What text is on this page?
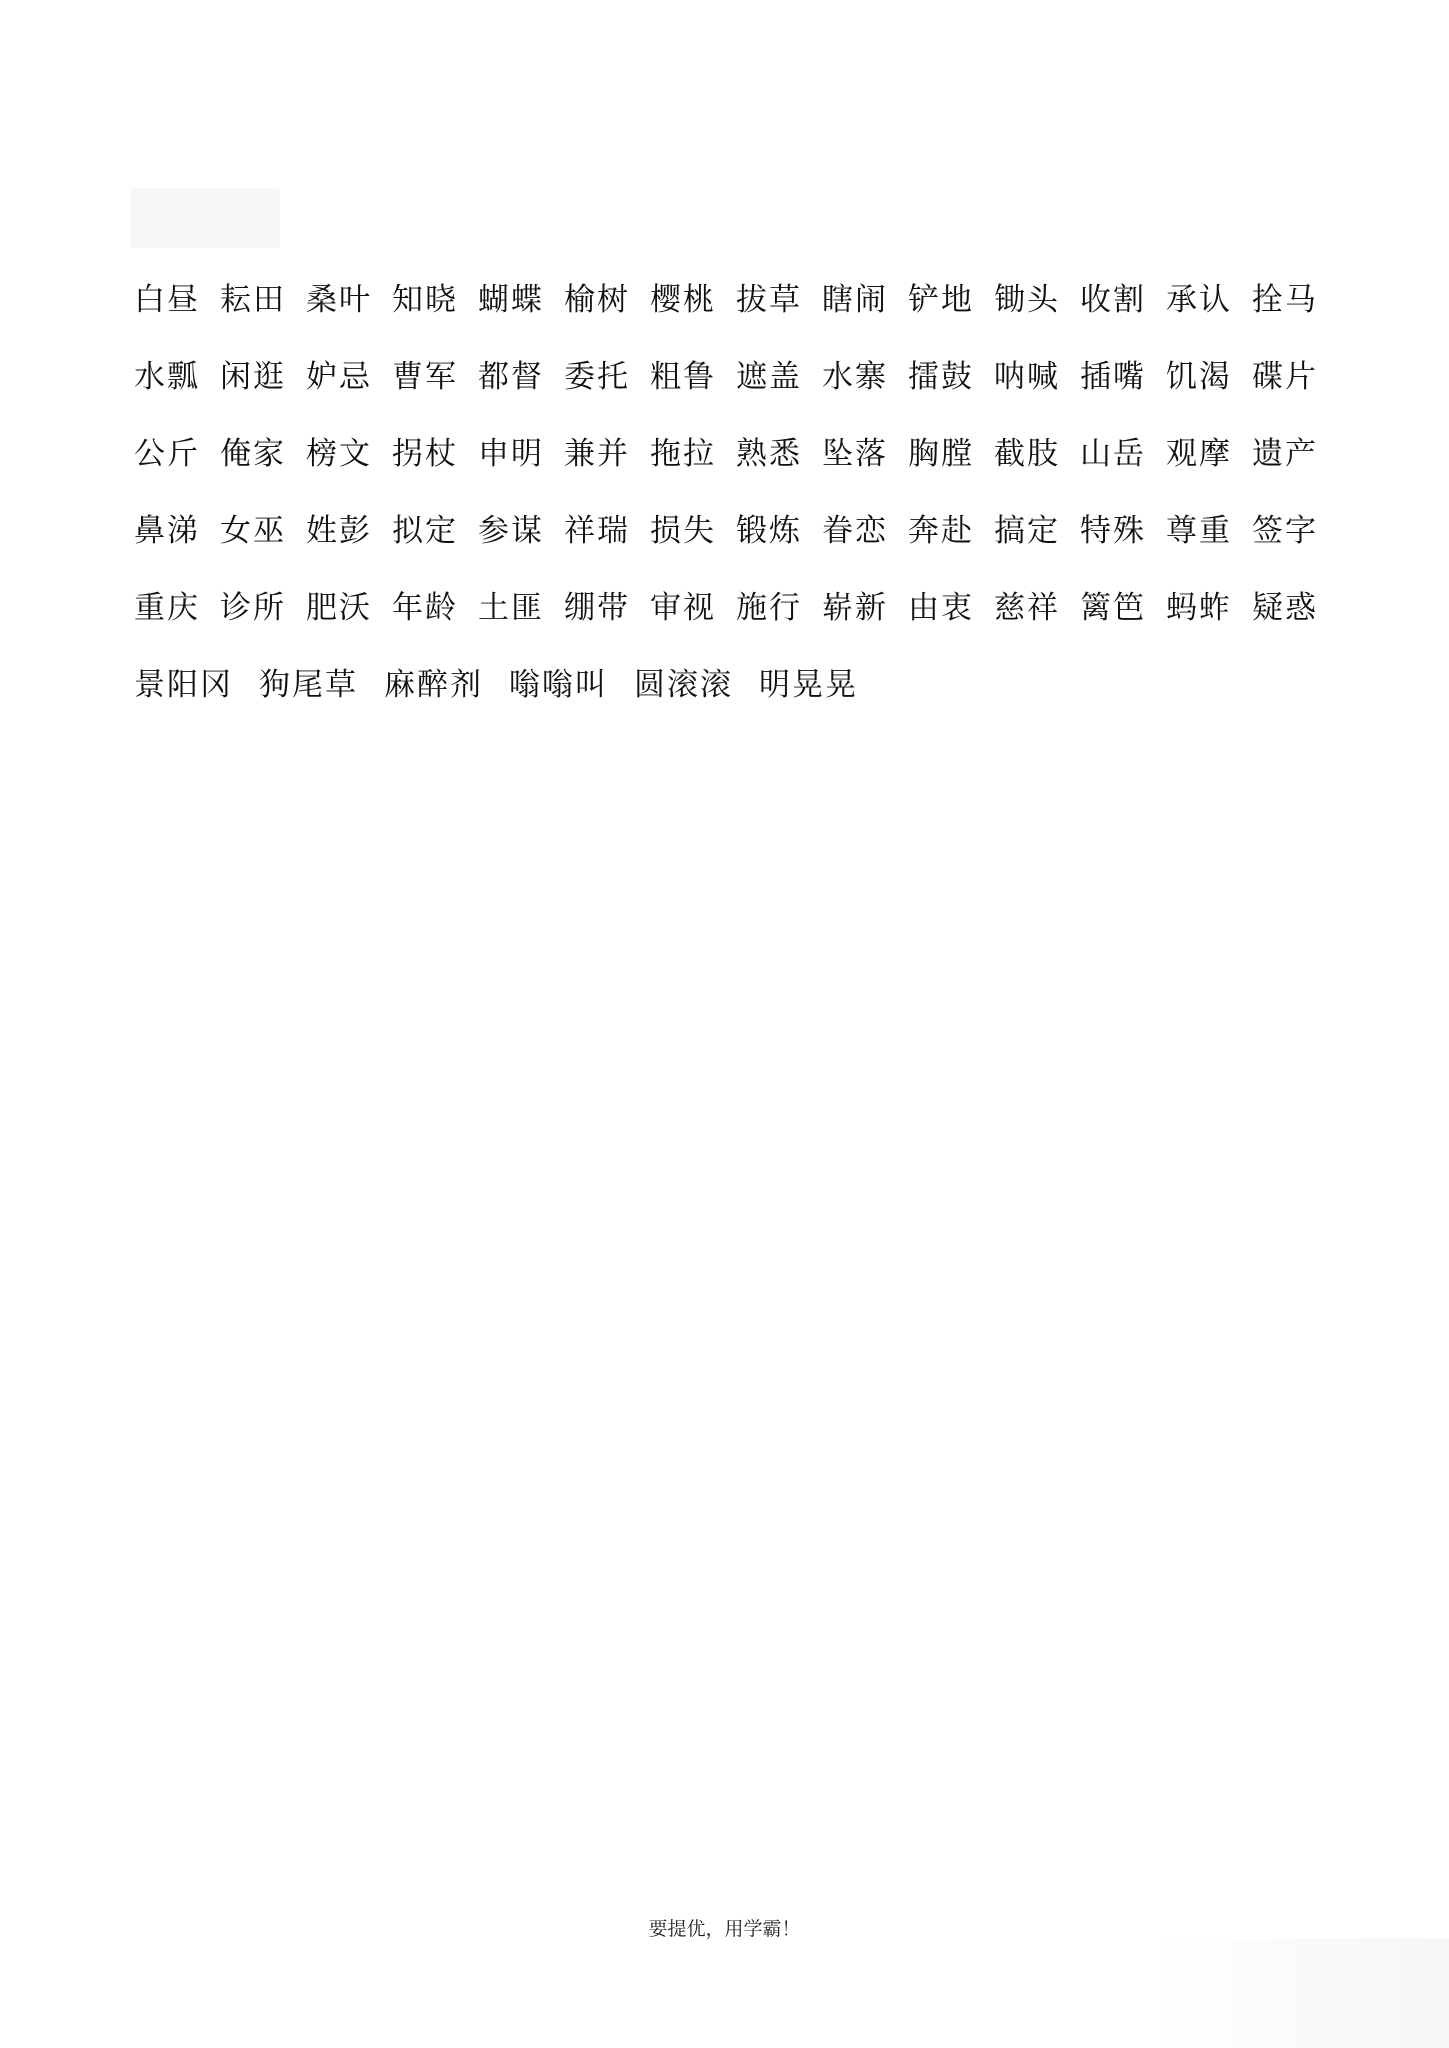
白昼 耘田 桑叶 知晓 蝴蝶 榆树 樱桃 拔草 瞎闹 铲地 锄头 收割 承认 拴马
水瓢 闲逛 妒忌 曹军 都督 委托 粗鲁 遮盖 水寨 擂鼓 呐喊 插嘴 饥渴 碟片
公斤 俺家 榜文 拐杖 申明 兼并 拖拉 熟悉 坠落 胸膛 截肢 山岳 观摩 遗产
鼻涕 女巫 姓彭 拟定 参谋 祥瑞 损失 锻炼 眷恋 奔赴 搞定 特殊 尊重 签字
重庆 诊所 肥沃 年龄 土匪 绷带 审视 施行 崭新 由衷 慈祥 篱笆 蚂蚱 疑惑
景阳冈 狗尾草 麻醉剂 嗡嗡叫 圆滚滚 明晃晃
要提优，用学霸！
